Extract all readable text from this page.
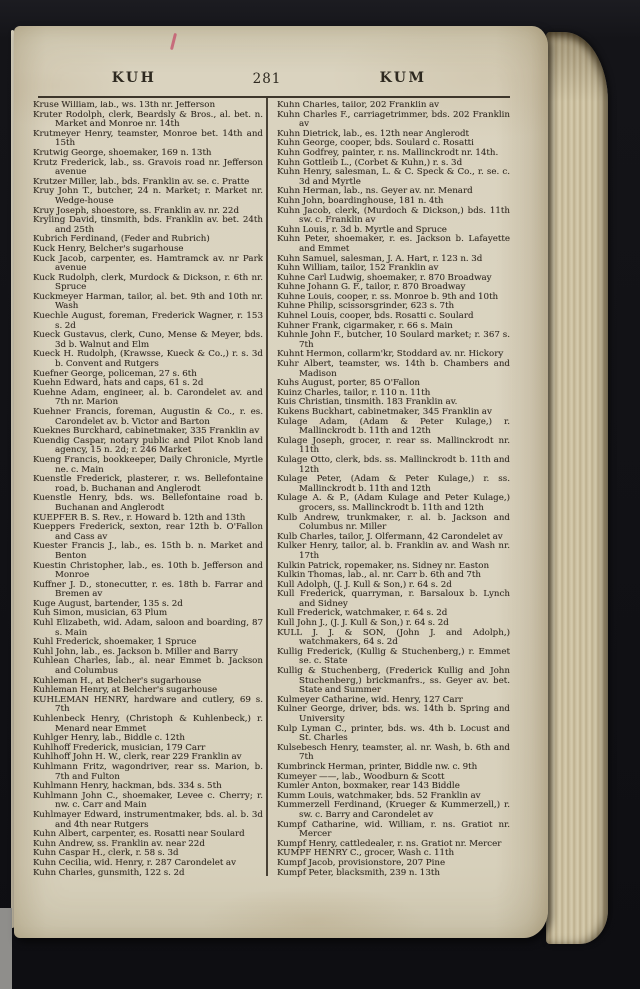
KUH	281	KUM
Kruse William, lab., ws. 13th nr. Jefferson
Kruter Rodolph, clerk, Beardsly & Bros., al. bet. n. Market and Monroe nr. 14th
Krutmeyer Henry, teamster, Monroe bet. 14th and 15th
Krutwig George, shoemaker, 169 n. 13th
Krutz Frederick, lab., ss. Gravois road nr. Jefferson avenue
Krutzer Miller, lab., bds. Franklin av. se. c. Pratte
Kruy John T., butcher, 24 n. Market; r. Market nr. Wedge-house
Kruy Joseph, shoestore, ss. Franklin av. nr. 22d
Kryling David, tinsmith, bds. Franklin av. bet. 24th and 25th
Kubrich Ferdinand, (Feder and Rubrich)
Kuck Henry, Belcher's sugarhouse
Kuck Jacob, carpenter, es. Hamtramck av. nr Park avenue
Kuck Rudolph, clerk, Murdock & Dickson, r. 6th nr. Spruce
Kuckmeyer Harman, tailor, al. bet. 9th and 10th nr. Wash
Kuechle August, foreman, Frederick Wagner, r. 153 s. 2d
Kueck Gustavus, clerk, Cuno, Mense & Meyer, bds. 3d b. Walnut and Elm
Kueck H. Rudolph, (Krawsse, Kueck & Co.,) r. s. 3d b. Convent and Rutgers
Kuefner George, policeman, 27 s. 6th
Kuehn Edward, hats and caps, 61 s. 2d
Kuehne Adam, engineer, al. b. Carondelet av. and 7th nr. Marion
Kuehner Francis, foreman, Augustin & Co., r. es. Carondelet av. b. Victor and Barton
Kueknes Burckhard, cabinetmaker, 335 Franklin av
Kuendig Caspar, notary public and Pilot Knob land agency, 15 n. 2d; r. 246 Market
Kueng Francis, bookkeeper, Daily Chronicle, Myrtle ne. c. Main
Kuenstle Frederick, plasterer, r. ws. Bellefontaine road, b. Buchanan and Anglerodt
Kuenstle Henry, bds. ws. Bellefontaine road b. Buchanan and Anglerodt
KUEPFER B. S. Rev., r. Howard b. 12th and 13th
Kueppers Frederick, sexton, rear 12th b. O'Fallon and Cass av
Kuester Francis J., lab., es. 15th b. n. Market and Benton
Kuestin Christopher, lab., es. 10th b. Jefferson and Monroe
Kuffner J. D., stonecutter, r. es. 18th b. Farrar and Bremen av
Kuge August, bartender, 135 s. 2d
Kuh Simon, musician, 63 Plum
Kuhl Elizabeth, wid. Adam, saloon and boarding, 87 s. Main
Kuhl Frederick, shoemaker, 1 Spruce
Kuhl John, lab., es. Jackson b. Miller and Barry
Kuhlean Charles, lab., al. near Emmet b. Jackson and Columbus
Kuhleman H., at Belcher's sugarhouse
Kuhleman Henry, at Belcher's sugarhouse
KUHLEMAN HENRY, hardware and cutlery, 69 s. 7th
Kuhlenbeck Henry, (Christoph & Kuhlenbeck,) r. Menard near Emmet
Kuhlger Henry, lab., Biddle c. 12th
Kuhlhoff Frederick, musician, 179 Carr
Kuhlhoff John H. W., clerk, rear 229 Franklin av
Kuhlmann Fritz, wagondriver, rear ss. Marion, b. 7th and Fulton
Kuhlmann Henry, hackman, bds. 334 s. 5th
Kuhlmann John C., shoemaker, Levee c. Cherry; r. nw. c. Carr and Main
Kuhlmayer Edward, instrumentmaker, bds. al. b. 3d and 4th near Rutgers
Kuhn Albert, carpenter, es. Rosatti near Soulard
Kuhn Andrew, ss. Franklin av. near 22d
Kuhn Caspar H., clerk, r. 58 s. 3d
Kuhn Cecilia, wid. Henry, r. 287 Carondelet av
Kuhn Charles, gunsmith, 122 s. 2d
Kuhn Charles, tailor, 202 Franklin av
Kuhn Charles F., carriagetrimmer, bds. 202 Franklin av
Kuhn Dietrick, lab., es. 12th near Anglerodt
Kuhn George, cooper, bds. Soulard c. Rosatti
Kuhn Godfrey, painter, r. ns. Mallinckrodt nr. 14th.
Kuhn Gottleib L., (Corbet & Kuhn,) r. s. 3d
Kuhn Henry, salesman, L. & C. Speck & Co., r. se. c. 3d and Myrtle
Kuhn Herman, lab., ns. Geyer av. nr. Menard
Kuhn John, boardinghouse, 181 n. 4th
Kuhn Jacob, clerk, (Murdoch & Dickson,) bds. 11th sw. c. Franklin av
Kuhn Louis, r. 3d b. Myrtle and Spruce
Kuhn Peter, shoemaker, r. es. Jackson b. Lafayette and Emmet
Kuhn Samuel, salesman, J. A. Hart, r. 123 n. 3d
Kuhn William, tailor, 152 Franklin av
Kuhne Carl Ludwig, shoemaker, r. 870 Broadway
Kuhne Johann G. F., tailor, r. 870 Broadway
Kuhne Louis, cooper, r. ss. Monroe b. 9th and 10th
Kuhne Philip, scissorsgrinder, 623 s. 7th
Kuhnel Louis, cooper, bds. Rosatti c. Soulard
Kuhner Frank, cigarmaker, r. 66 s. Main
Kuhnle John F., butcher, 10 Soulard market; r. 367 s. 7th
Kuhnt Hermon, collarm'kr, Stoddard av. nr. Hickory
Kuhr Albert, teamster, ws. 14th b. Chambers and Madison
Kuhs August, porter, 85 O'Fallon
Kuinz Charles, tailor, r. 110 n. 11th
Kuis Christian, tinsmith. 183 Franklin av.
Kukens Buckhart, cabinetmaker, 345 Franklin av
Kulage Adam, (Adam & Peter Kulage,) r. Mallinckrodt b. 11th and 12th
Kulage Joseph, grocer, r. rear ss. Mallinckrodt nr. 11th
Kulage Otto, clerk, bds. ss. Mallinckrodt b. 11th and 12th
Kulage Peter, (Adam & Peter Kulage,) r. ss. Mallinckrodt b. 11th and 12th
Kulage A. & P., (Adam Kulage and Peter Kulage,) grocers, ss. Mallinckrodt b. 11th and 12th
Kulb Andrew, trunkmaker, r. al. b. Jackson and Columbus nr. Miller
Kulb Charles, tailor, J. Olfermann, 42 Carondelet av
Kulker Henry, tailor, al. b. Franklin av. and Wash nr. 17th
Kulkin Patrick, ropemaker, ns. Sidney nr. Easton
Kulkin Thomas, lab., al. nr. Carr b. 6th and 7th
Kull Adolph, (J. J. Kull & Son,) r. 64 s. 2d
Kull Frederick, quarryman, r. Barsaloux b. Lynch and Sidney
Kull Frederick, watchmaker, r. 64 s. 2d
Kull John J., (J. J. Kull & Son,) r. 64 s. 2d
KULL J. J. & SON, (John J. and Adolph,) watchmakers, 64 s. 2d
Kullig Frederick, (Kullig & Stuchenberg,) r. Emmet se. c. State
Kullig & Stuchenberg, (Frederick Kullig and John Stuchenberg,) brickmanfrs., ss. Geyer av. bet. State and Summer
Kulmeyer Catharine, wid. Henry, 127 Carr
Kulner George, driver, bds. ws. 14th b. Spring and University
Kulp Lyman C., printer, bds. ws. 4th b. Locust and St. Charles
Kulsebesch Henry, teamster, al. nr. Wash, b. 6th and 7th
Kumbrinck Herman, printer, Biddle nw. c. 9th
Kumeyer ——, lab., Woodburn & Scott
Kumler Anton, boxmaker, rear 143 Biddle
Kumm Louis, watchmaker, bds. 52 Franklin av
Kummerzell Ferdinand, (Krueger & Kummerzell,) r. sw. c. Barry and Carondelet av
Kumpf Catharine, wid. William, r. ns. Gratiot nr. Mercer
Kumpf Henry, cattledealer, r. ns. Gratiot nr. Mercer
KUMPF HENRY C., grocer, Wash c. 11th
Kumpf Jacob, provisionstore, 207 Pine
Kumpf Peter, blacksmith, 239 n. 13th
